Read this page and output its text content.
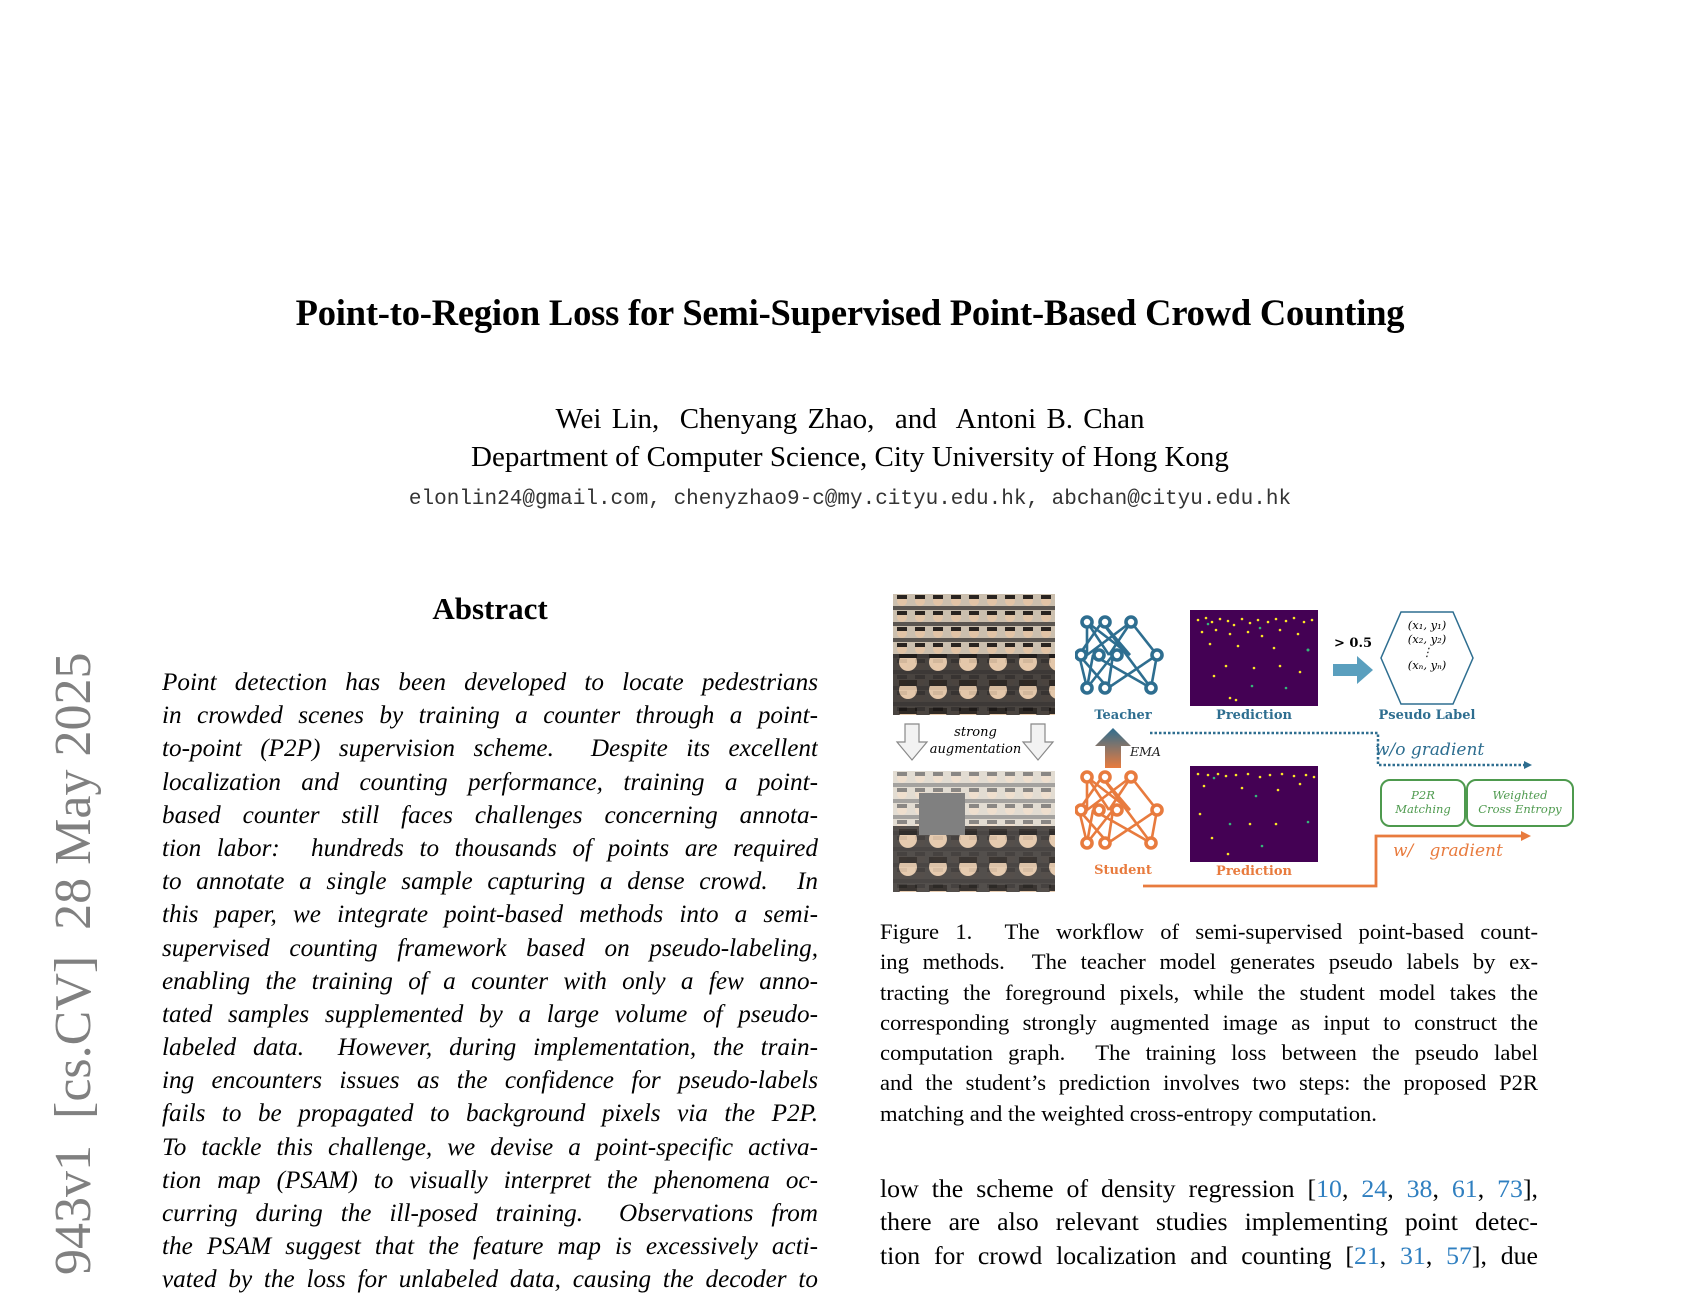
Point-to-Region Loss for Semi-Supervised Point-Based Crowd Counting
Wei Lin,  Chenyang Zhao,  and  Antoni B. Chan
Department of Computer Science, City University of Hong Kong
elonlin24@gmail.com, chenyzhao9-c@my.cityu.edu.hk, abchan@cityu.edu.hk
943v1  [cs.CV]  28 May 2025
Abstract
Point detection has been developed to locate pedestrians
in crowded scenes by training a counter through a point-
to-point (P2P) supervision scheme.  Despite its excellent
localization and counting performance, training a point-
based counter still faces challenges concerning annota-
tion labor:  hundreds to thousands of points are required
to annotate a single sample capturing a dense crowd.  In
this paper, we integrate point-based methods into a semi-
supervised counting framework based on pseudo-labeling,
enabling the training of a counter with only a few anno-
tated samples supplemented by a large volume of pseudo-
labeled data.  However, during implementation, the train-
ing encounters issues as the confidence for pseudo-labels
fails to be propagated to background pixels via the P2P.
To tackle this challenge, we devise a point-specific activa-
tion map (PSAM) to visually interpret the phenomena oc-
curring during the ill-posed training.  Observations from
the PSAM suggest that the feature map is excessively acti-
vated by the loss for unlabeled data, causing the decoder to
strong
augmentation
Teacher
EMA
Student
Prediction
Prediction
> 0.5
(x₁, y₁)
(x₂, y₂)
⋮
(xₙ, yₙ)
Pseudo Label
w/o gradient
P2R
Matching
Weighted
Cross Entropy
w/   gradient
Figure 1.  The workflow of semi-supervised point-based count-
ing methods.  The teacher model generates pseudo labels by ex-
tracting the foreground pixels, while the student model takes the
corresponding strongly augmented image as input to construct the
computation graph.  The training loss between the pseudo label
and the student’s prediction involves two steps: the proposed P2R
matching and the weighted cross-entropy computation.
low the scheme of density regression [10, 24, 38, 61, 73],
there are also relevant studies implementing point detec-
tion for crowd localization and counting [21, 31, 57], due
